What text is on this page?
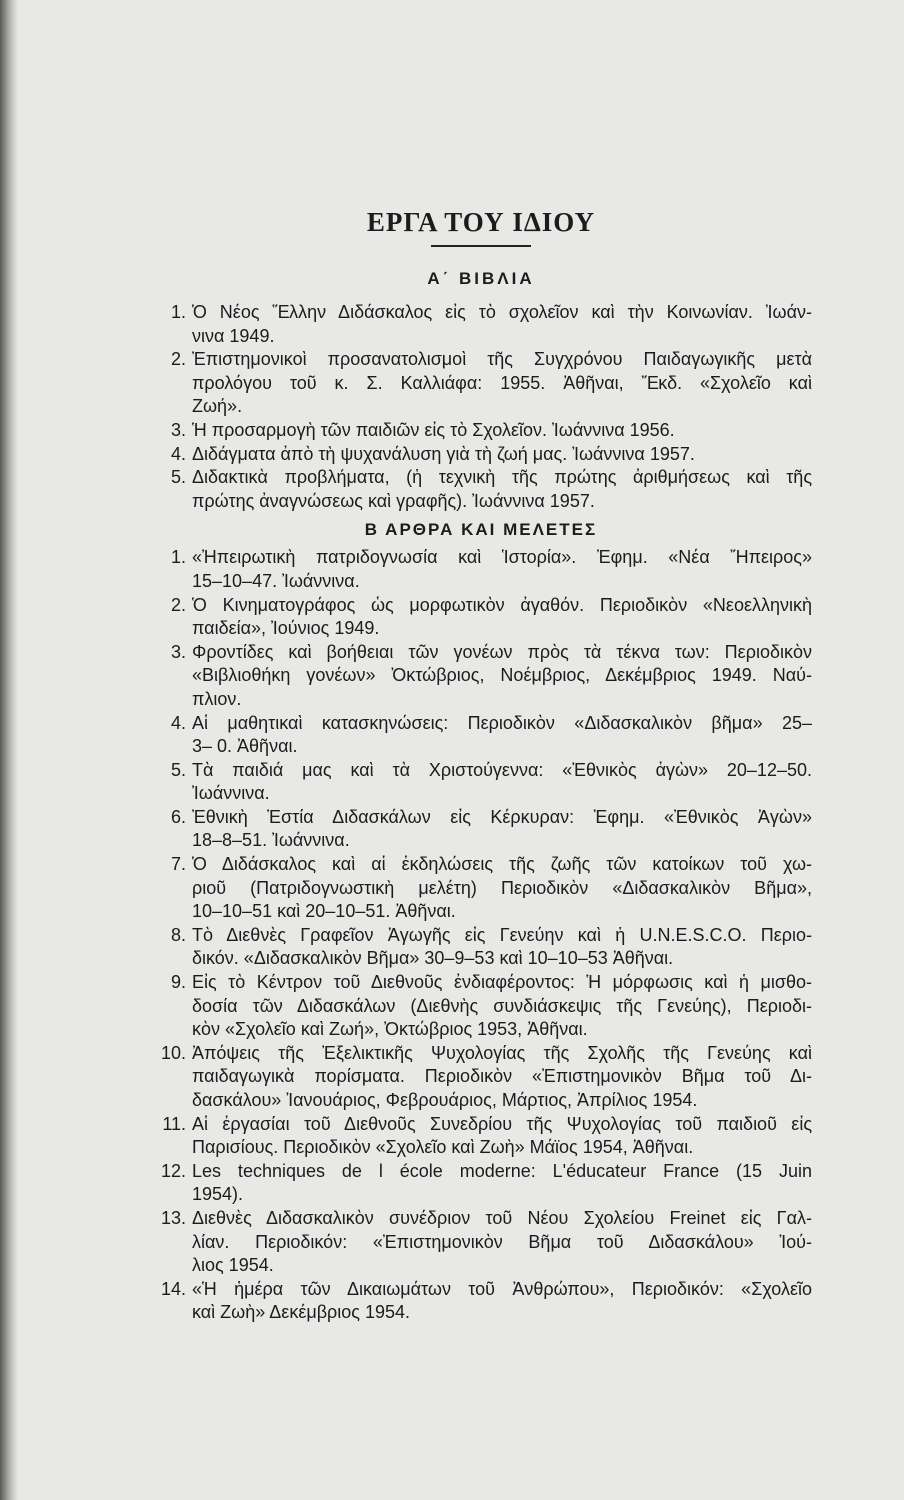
ΕΡΓΑ ΤΟΥ ΙΔΙΟΥ
Α΄ ΒΙΒΛΙΑ
1. Ὁ Νέος Ἕλλην Διδάσκαλος εἰς τὸ σχολεῖον καὶ τὴν Κοινωνίαν. Ἰωάν-
νινα 1949.
2. Ἐπιστημονικοὶ προσανατολισμοὶ τῆς Συγχρόνου Παιδαγωγικῆς μετὰ
προλόγου τοῦ κ. Σ. Καλλιάφα: 1955. Ἀθῆναι, Ἔκδ. «Σχολεῖο καὶ
Ζωή».
3. Ἡ προσαρμογὴ τῶν παιδιῶν εἰς τὸ Σχολεῖον. Ἰωάννινα 1956.
4. Διδάγματα ἀπὸ τὴ ψυχανάλυση γιὰ τὴ ζωή μας. Ἰωάννινα 1957.
5. Διδακτικὰ προβλήματα, (ἡ τεχνικὴ τῆς πρώτης ἀριθμήσεως καὶ τῆς
πρώτης ἀναγνώσεως καὶ γραφῆς). Ἰωάννινα 1957.
Β ΑΡΘΡΑ ΚΑΙ ΜΕΛΕΤΕΣ
1. «Ἠπειρωτικὴ πατριδογνωσία καὶ Ἱστορία». Ἐφημ. «Νέα Ἤπειρος»
15–10–47. Ἰωάννινα.
2. Ὁ Κινηματογράφος ὡς μορφωτικὸν ἀγαθόν. Περιοδικὸν «Νεοελληνικὴ
παιδεία», Ἰούνιος 1949.
3. Φροντίδες καὶ βοήθειαι τῶν γονέων πρὸς τὰ τέκνα των: Περιοδικὸν
«Βιβλιοθήκη γονέων» Ὀκτώβριος, Νοέμβριος, Δεκέμβριος 1949. Ναύ-
πλιον.
4. Αἱ μαθητικαὶ κατασκηνώσεις: Περιοδικὸν «Διδασκαλικὸν βῆμα» 25–
3– 0. Ἀθῆναι.
5. Τὰ παιδιά μας καὶ τὰ Χριστούγεννα: «Ἐθνικὸς ἀγὼν» 20–12–50.
Ἰωάννινα.
6. Ἐθνικὴ Ἑστία Διδασκάλων εἰς Κέρκυραν: Ἐφημ. «Ἐθνικὸς Ἀγὼν»
18–8–51. Ἰωάννινα.
7. Ὁ Διδάσκαλος καὶ αἱ ἐκδηλώσεις τῆς ζωῆς τῶν κατοίκων τοῦ χω-
ριοῦ (Πατριδογνωστικὴ μελέτη) Περιοδικὸν «Διδασκαλικὸν Βῆμα»,
10–10–51 καὶ 20–10–51. Ἀθῆναι.
8. Τὸ Διεθνὲς Γραφεῖον Ἀγωγῆς εἰς Γενεύην καὶ ἡ U.N.E.S.C.O. Περιο-
δικόν. «Διδασκαλικὸν Βῆμα» 30–9–53 καὶ 10–10–53 Ἀθῆναι.
9. Εἰς τὸ Κέντρον τοῦ Διεθνοῦς ἐνδιαφέροντος: Ἡ μόρφωσις καὶ ἡ μισθο-
δοσία τῶν Διδασκάλων (Διεθνὴς συνδιάσκεψις τῆς Γενεύης), Περιοδι-
κὸν «Σχολεῖο καὶ Ζωή», Ὀκτώβριος 1953, Ἀθῆναι.
10. Ἀπόψεις τῆς Ἐξελικτικῆς Ψυχολογίας τῆς Σχολῆς τῆς Γενεύης καὶ
παιδαγωγικὰ πορίσματα. Περιοδικὸν «Ἐπιστημονικὸν Βῆμα τοῦ Δι-
δασκάλου» Ἰανουάριος, Φεβρουάριος, Μάρτιος, Ἀπρίλιος 1954.
11. Αἱ ἐργασίαι τοῦ Διεθνοῦς Συνεδρίου τῆς Ψυχολογίας τοῦ παιδιοῦ εἰς
Παρισίους. Περιοδικὸν «Σχολεῖο καὶ Ζωὴ» Μάϊος 1954, Ἀθῆναι.
12. Les techniques de l école moderne: L'éducateur France (15 Juin
1954).
13. Διεθνὲς Διδασκαλικὸν συνέδριον τοῦ Νέου Σχολείου Freinet εἰς Γαλ-
λίαν. Περιοδικόν: «Ἐπιστημονικὸν Βῆμα τοῦ Διδασκάλου» Ἰού-
λιος 1954.
14. «Ἡ ἡμέρα τῶν Δικαιωμάτων τοῦ Ἀνθρώπου», Περιοδικόν: «Σχολεῖο
καὶ Ζωὴ» Δεκέμβριος 1954.
